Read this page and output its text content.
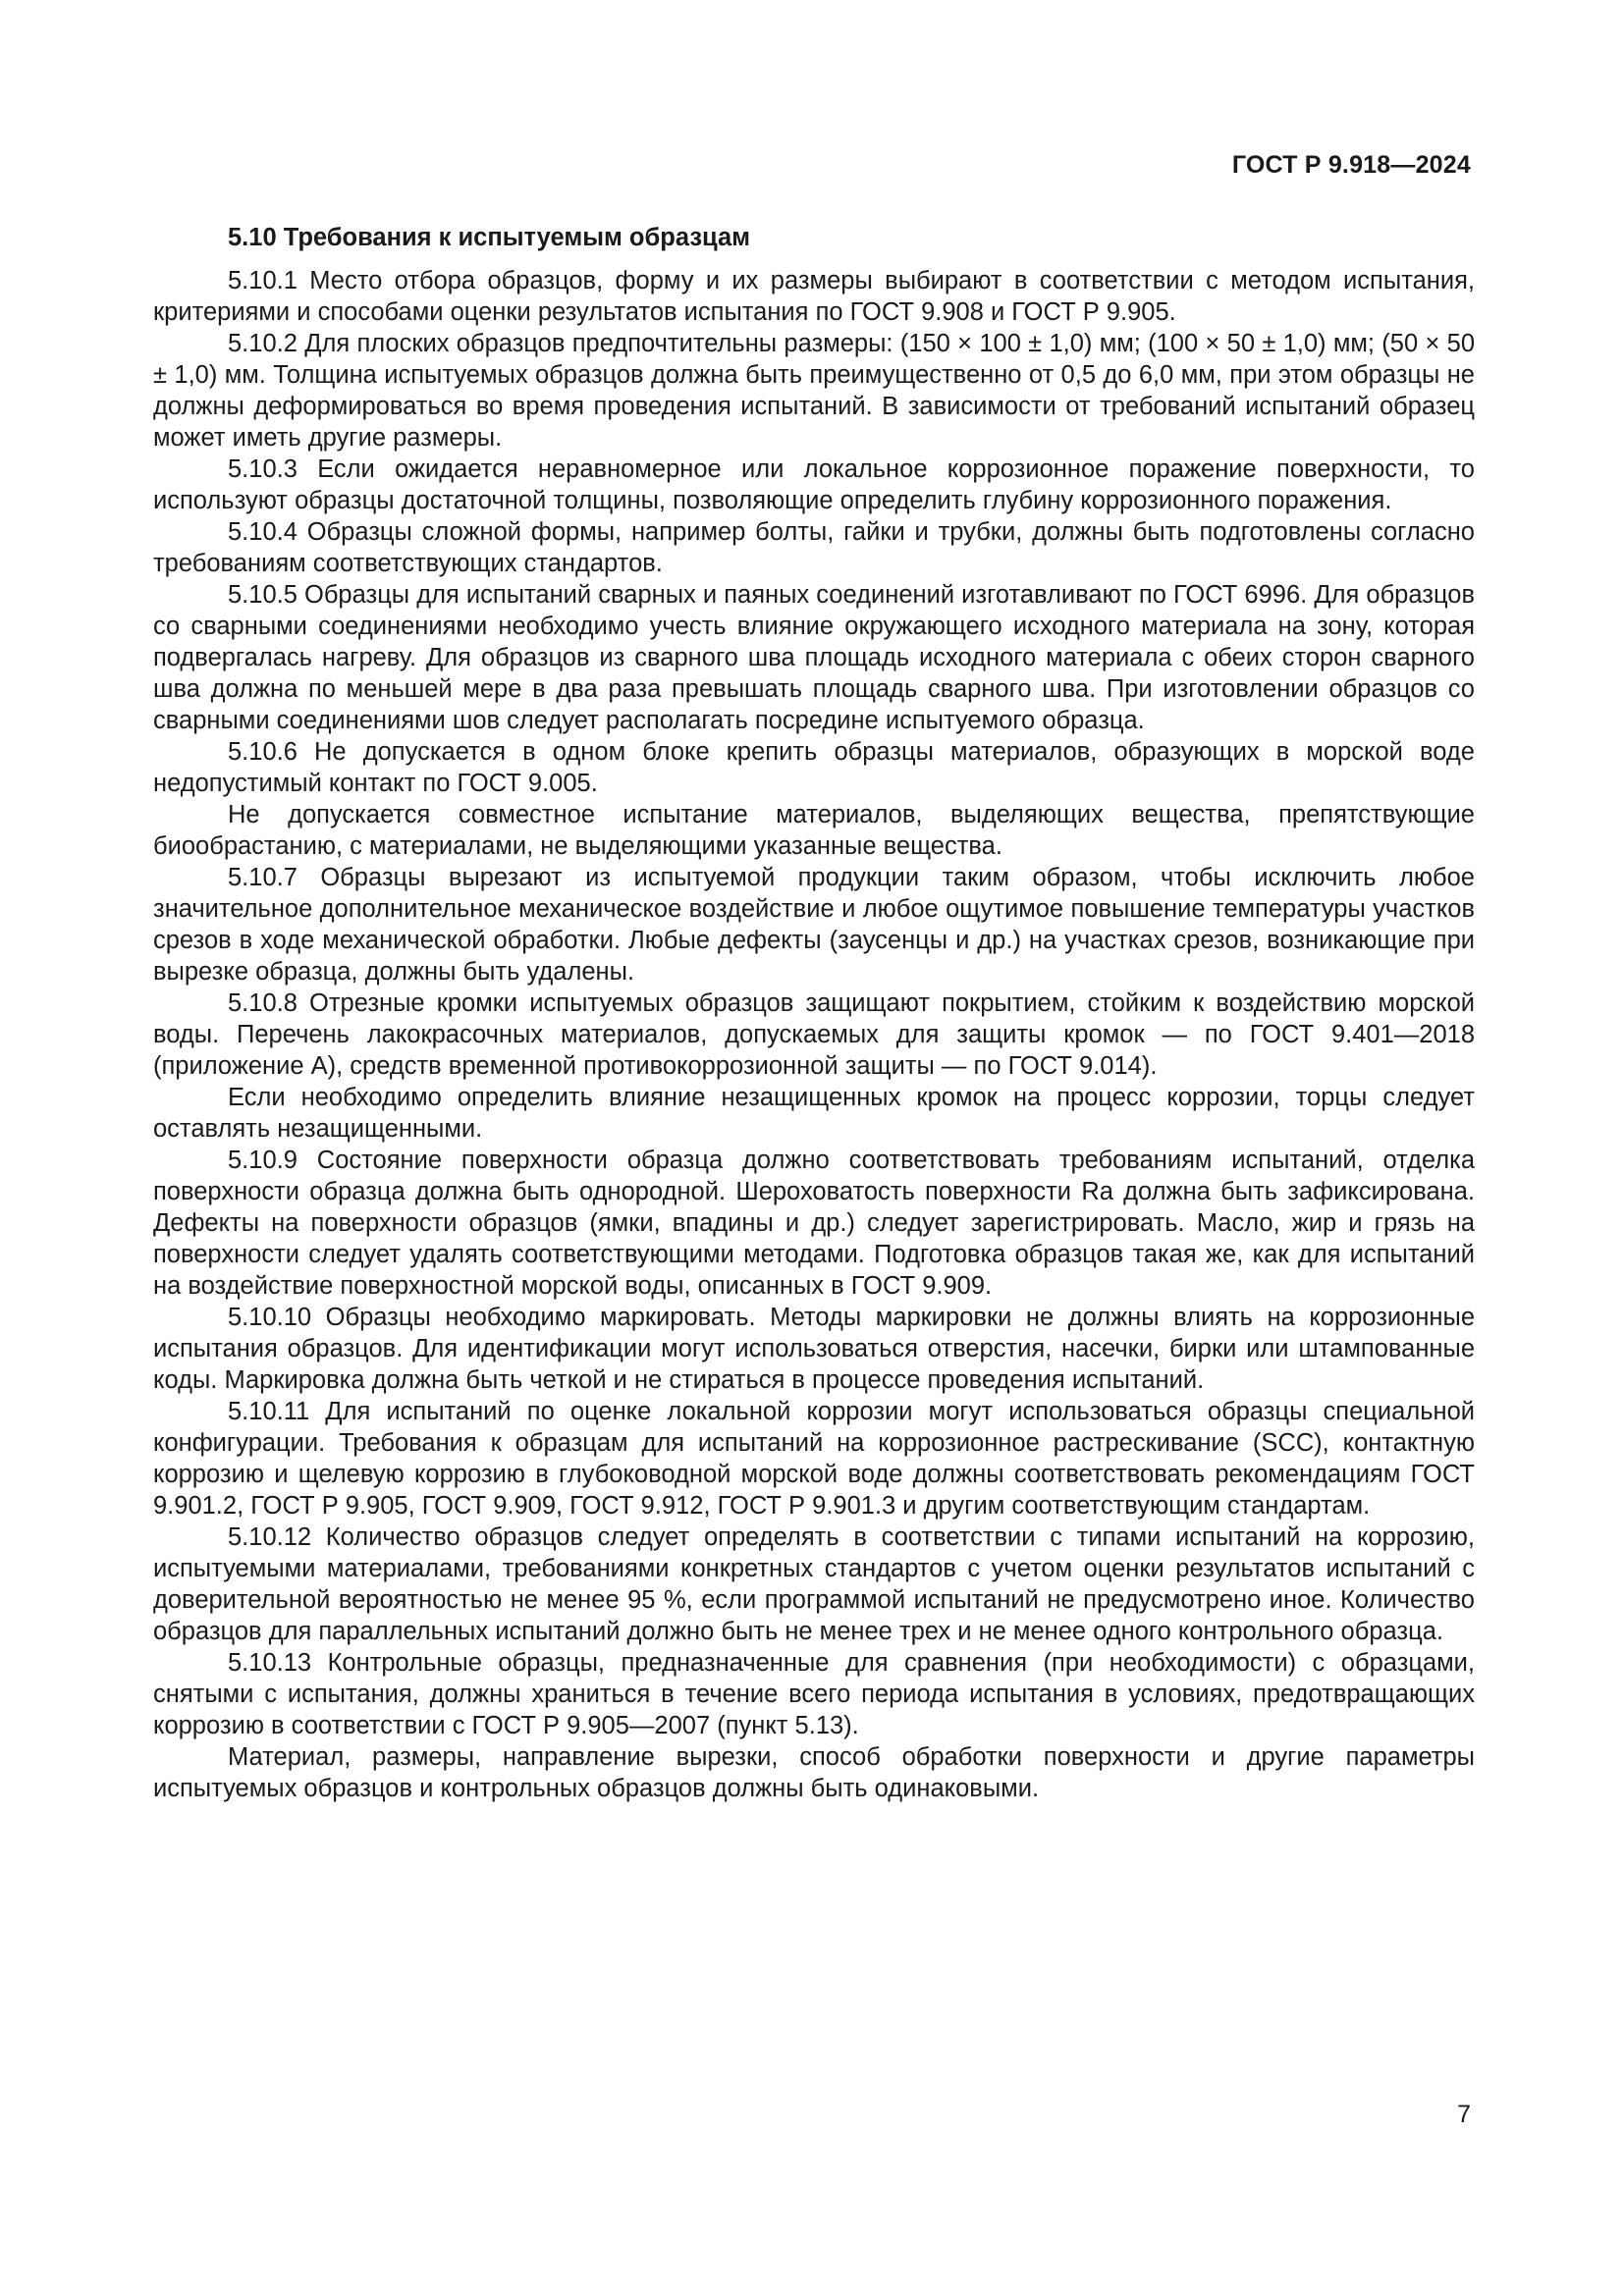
ГОСТ Р 9.918—2024
5.10 Требования к испытуемым образцам

5.10.1 Место отбора образцов, форму и их размеры выбирают в соответствии с методом испытания, критериями и способами оценки результатов испытания по ГОСТ 9.908 и ГОСТ Р 9.905.

5.10.2 Для плоских образцов предпочтительны размеры: (150 × 100 ± 1,0) мм; (100 × 50 ± 1,0) мм; (50 × 50 ± 1,0) мм. Толщина испытуемых образцов должна быть преимущественно от 0,5 до 6,0 мм, при этом образцы не должны деформироваться во время проведения испытаний. В зависимости от требований испытаний образец может иметь другие размеры.

5.10.3 Если ожидается неравномерное или локальное коррозионное поражение поверхности, то используют образцы достаточной толщины, позволяющие определить глубину коррозионного поражения.

5.10.4 Образцы сложной формы, например болты, гайки и трубки, должны быть подготовлены согласно требованиям соответствующих стандартов.

5.10.5 Образцы для испытаний сварных и паяных соединений изготавливают по ГОСТ 6996. Для образцов со сварными соединениями необходимо учесть влияние окружающего исходного материала на зону, которая подвергалась нагреву. Для образцов из сварного шва площадь исходного материала с обеих сторон сварного шва должна по меньшей мере в два раза превышать площадь сварного шва. При изготовлении образцов со сварными соединениями шов следует располагать посредине испытуемого образца.

5.10.6 Не допускается в одном блоке крепить образцы материалов, образующих в морской воде недопустимый контакт по ГОСТ 9.005.

Не допускается совместное испытание материалов, выделяющих вещества, препятствующие биообрастанию, с материалами, не выделяющими указанные вещества.

5.10.7 Образцы вырезают из испытуемой продукции таким образом, чтобы исключить любое значительное дополнительное механическое воздействие и любое ощутимое повышение температуры участков срезов в ходе механической обработки. Любые дефекты (заусенцы и др.) на участках срезов, возникающие при вырезке образца, должны быть удалены.

5.10.8 Отрезные кромки испытуемых образцов защищают покрытием, стойким к воздействию морской воды. Перечень лакокрасочных материалов, допускаемых для защиты кромок — по ГОСТ 9.401—2018 (приложение А), средств временной противокоррозионной защиты — по ГОСТ 9.014).

Если необходимо определить влияние незащищенных кромок на процесс коррозии, торцы следует оставлять незащищенными.

5.10.9 Состояние поверхности образца должно соответствовать требованиям испытаний, отделка поверхности образца должна быть однородной. Шероховатость поверхности Ra должна быть зафиксирована. Дефекты на поверхности образцов (ямки, впадины и др.) следует зарегистрировать. Масло, жир и грязь на поверхности следует удалять соответствующими методами. Подготовка образцов такая же, как для испытаний на воздействие поверхностной морской воды, описанных в ГОСТ 9.909.

5.10.10 Образцы необходимо маркировать. Методы маркировки не должны влиять на коррозионные испытания образцов. Для идентификации могут использоваться отверстия, насечки, бирки или штампованные коды. Маркировка должна быть четкой и не стираться в процессе проведения испытаний.

5.10.11 Для испытаний по оценке локальной коррозии могут использоваться образцы специальной конфигурации. Требования к образцам для испытаний на коррозионное растрескивание (SCC), контактную коррозию и щелевую коррозию в глубоководной морской воде должны соответствовать рекомендациям ГОСТ 9.901.2, ГОСТ Р 9.905, ГОСТ 9.909, ГОСТ 9.912, ГОСТ Р 9.901.3 и другим соответствующим стандартам.

5.10.12 Количество образцов следует определять в соответствии с типами испытаний на коррозию, испытуемыми материалами, требованиями конкретных стандартов с учетом оценки результатов испытаний с доверительной вероятностью не менее 95 %, если программой испытаний не предусмотрено иное. Количество образцов для параллельных испытаний должно быть не менее трех и не менее одного контрольного образца.

5.10.13 Контрольные образцы, предназначенные для сравнения (при необходимости) с образцами, снятыми с испытания, должны храниться в течение всего периода испытания в условиях, предотвращающих коррозию в соответствии с ГОСТ Р 9.905—2007 (пункт 5.13).

Материал, размеры, направление вырезки, способ обработки поверхности и другие параметры испытуемых образцов и контрольных образцов должны быть одинаковыми.

7
